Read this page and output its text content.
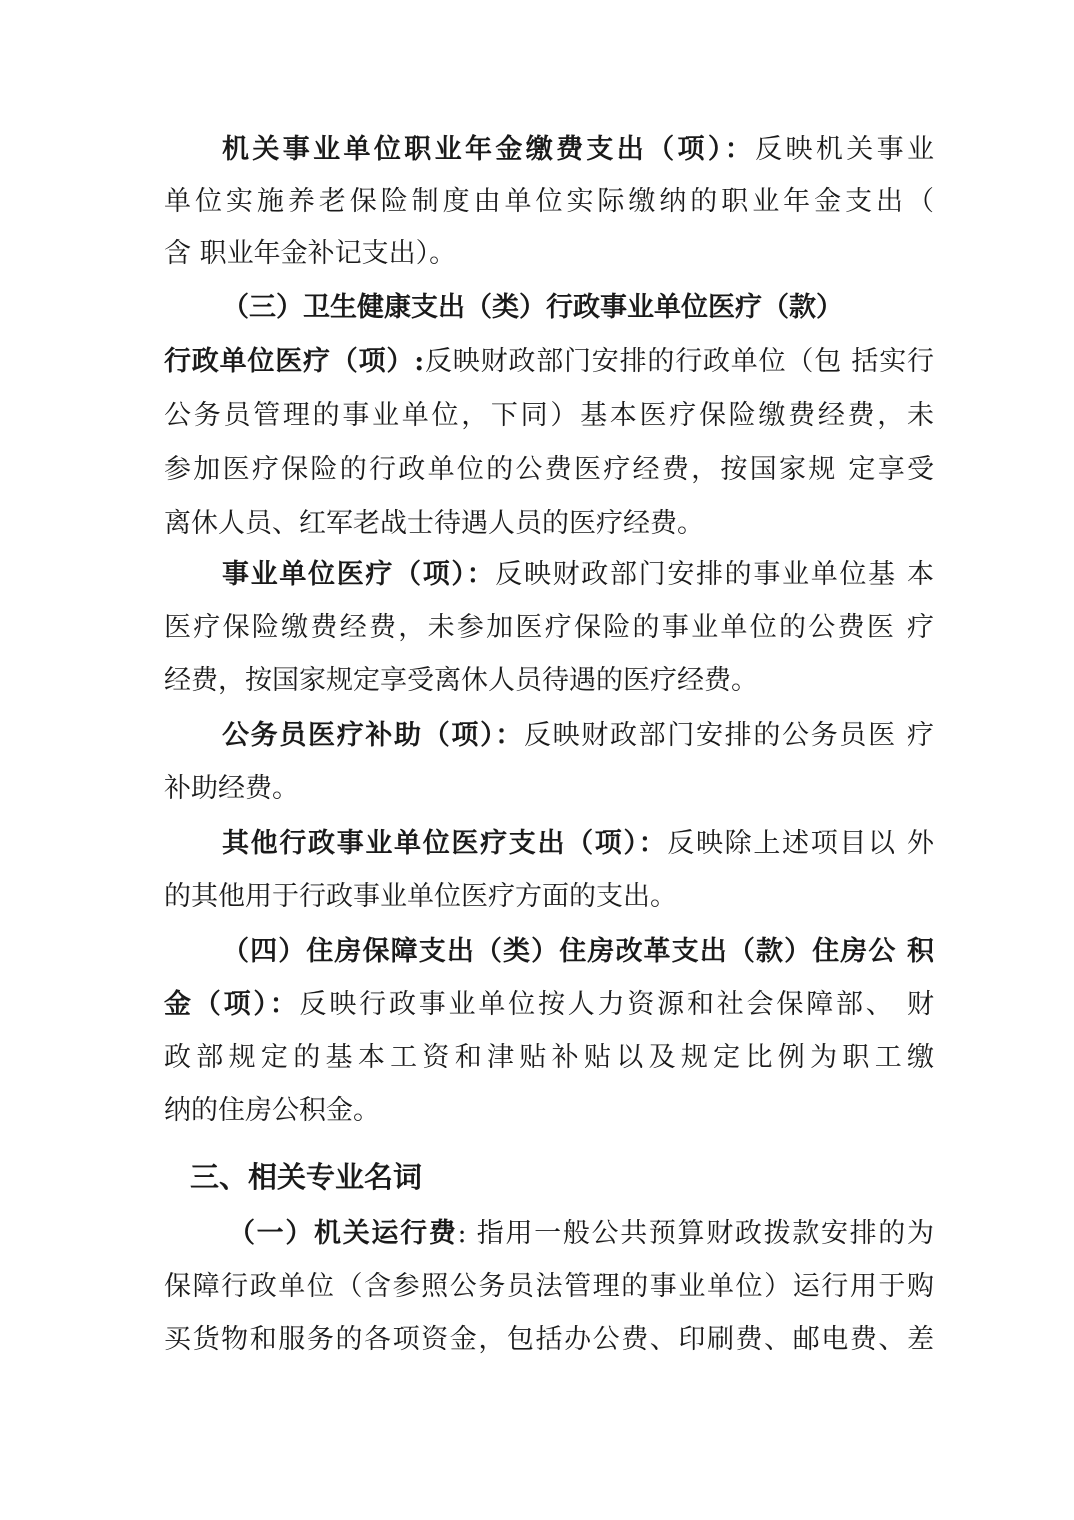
机关事业单位职业年金缴费支出（项）：反映机关事业
单位实施养老保险制度由单位实际缴纳的职业年金支出（
含 职业年金补记支出）。
（三）卫生健康支出（类）行政事业单位医疗（款）
行政单位医疗（项）:反映财政部门安排的行政单位（包 括实行
公务员管理的事业单位，下同）基本医疗保险缴费经费，未
参加医疗保险的行政单位的公费医疗经费，按国家规 定享受
离休人员、红军老战士待遇人员的医疗经费。
事业单位医疗（项）：反映财政部门安排的事业单位基 本
医疗保险缴费经费，未参加医疗保险的事业单位的公费医 疗
经费，按国家规定享受离休人员待遇的医疗经费。
公务员医疗补助（项）：反映财政部门安排的公务员医 疗
补助经费。
其他行政事业单位医疗支出（项）：反映除上述项目以 外
的其他用于行政事业单位医疗方面的支出。
（四）住房保障支出（类）住房改革支出（款）住房公 积
金（项）：反映行政事业单位按人力资源和社会保障部、 财
政部规定的基本工资和津贴补贴以及规定比例为职工缴
纳的住房公积金。
三、相关专业名词
（一）机关运行费: 指用一般公共预算财政拨款安排的为
保障行政单位（含参照公务员法管理的事业单位）运行用于购
买货物和服务的各项资金，包括办公费、印刷费、邮电费、差
